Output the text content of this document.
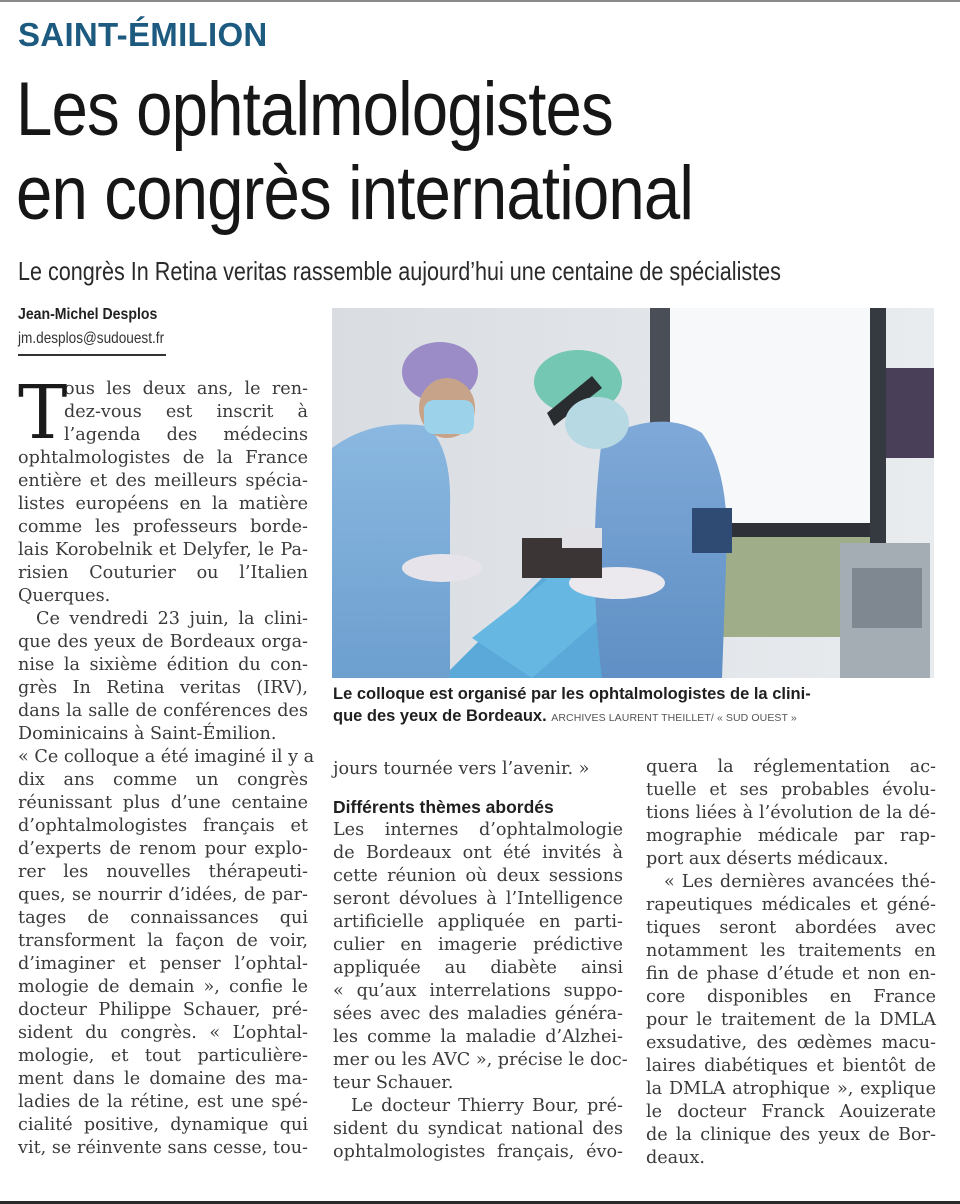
SAINT-ÉMILION
Les ophtalmologistes
en congrès international
Le congrès In Retina veritas rassemble aujourd’hui une centaine de spécialistes
Jean-Michel Desplos
jm.desplos@sudouest.fr
T
ous les deux ans, le ren-
dez-vous est inscrit à
l’agenda des médecins
ophtalmologistes de la France
entière et des meilleurs spécia-
listes européens en la matière
comme les professeurs borde-
lais Korobelnik et Delyfer, le Pa-
risien Couturier ou l’Italien
Querques.
Ce vendredi 23 juin, la clini-
que des yeux de Bordeaux orga-
nise la sixième édition du con-
grès In Retina veritas (IRV),
dans la salle de conférences des
Dominicains à Saint-Émilion.
« Ce colloque a été imaginé il y a
dix ans comme un congrès
réunissant plus d’une centaine
d’ophtalmologistes français et
d’experts de renom pour explo-
rer les nouvelles thérapeuti-
ques, se nourrir d’idées, de par-
tages de connaissances qui
transforment la façon de voir,
d’imaginer et penser l’ophtal-
mologie de demain », confie le
docteur Philippe Schauer, pré-
sident du congrès. « L’ophtal-
mologie, et tout particulière-
ment dans le domaine des ma-
ladies de la rétine, est une spé-
cialité positive, dynamique qui
vit, se réinvente sans cesse, tou-
Le colloque est organisé par les ophtalmologistes de la clini-
que des yeux de Bordeaux. ARCHIVES LAURENT THEILLET/ « SUD OUEST »
jours tournée vers l’avenir. »
Différents thèmes abordés
Les internes d’ophtalmologie
de Bordeaux ont été invités à
cette réunion où deux sessions
seront dévolues à l’Intelligence
artificielle appliquée en parti-
culier en imagerie prédictive
appliquée au diabète ainsi
« qu’aux interrelations suppo-
sées avec des maladies généra-
les comme la maladie d’Alzhei-
mer ou les AVC », précise le doc-
teur Schauer.
Le docteur Thierry Bour, pré-
sident du syndicat national des
ophtalmologistes français, évo-
quera la réglementation ac-
tuelle et ses probables évolu-
tions liées à l’évolution de la dé-
mographie médicale par rap-
port aux déserts médicaux.
« Les dernières avancées thé-
rapeutiques médicales et géné-
tiques seront abordées avec
notamment les traitements en
fin de phase d’étude et non en-
core disponibles en France
pour le traitement de la DMLA
exsudative, des œdèmes macu-
laires diabétiques et bientôt de
la DMLA atrophique », explique
le docteur Franck Aouizerate
de la clinique des yeux de Bor-
deaux.
